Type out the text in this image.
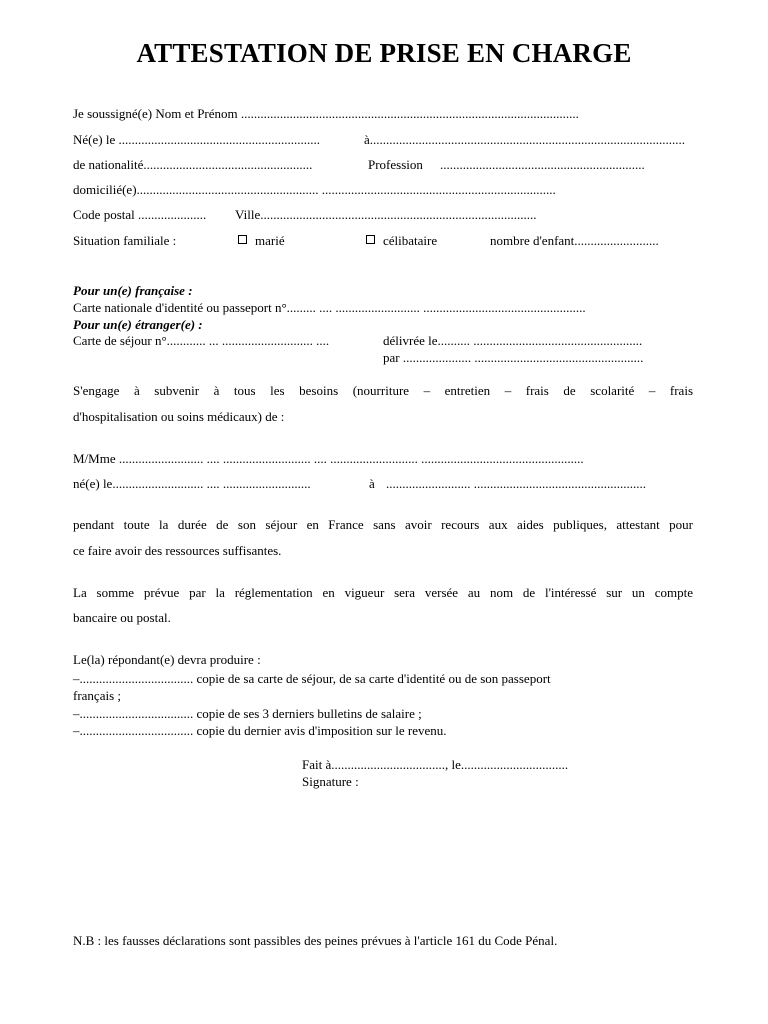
ATTESTATION DE PRISE EN CHARGE
Je soussigné(e) Nom et Prénom ........................................................................................................
Né(e) le ..............................................................	à.................................................................................................
de nationalité....................................................	Profession ...............................................................
domicilié(e)........................................................ ........................................................................
Code postal ..................... Ville.....................................................................................
Situation familiale :	marié	célibataire	nombre d'enfant..........................
Pour un(e) française :
Carte nationale d'identité ou passeport n°......... .... .......................... ..................................................
Pour un(e) étranger(e) :
Carte de séjour n°............ ... ............................ ....	délivrée le.......... ....................................................
par ..................... ....................................................
S'engage à subvenir à tous les besoins (nourriture – entretien – frais de scolarité – frais
d'hospitalisation ou soins médicaux) de :
M/Mme .......................... .... ........................... .... ........................... ..................................................
né(e) le............................ .... ...........................	à .......................... .....................................................
pendant toute la durée de son séjour en France sans avoir recours aux aides publiques, attestant pour
ce faire avoir des ressources suffisantes.
La somme prévue par la réglementation en vigueur sera versée au nom de l'intéressé sur un compte
bancaire ou postal.
Le(la) répondant(e) devra produire :
–................................... copie de sa carte de séjour, de sa carte d'identité ou de son passeport
français ;
–................................... copie de ses 3 derniers bulletins de salaire ;
–................................... copie du dernier avis d'imposition sur le revenu.
Fait à..................................., le.................................
Signature :
N.B : les fausses déclarations sont passibles des peines prévues à l'article 161 du Code Pénal.
